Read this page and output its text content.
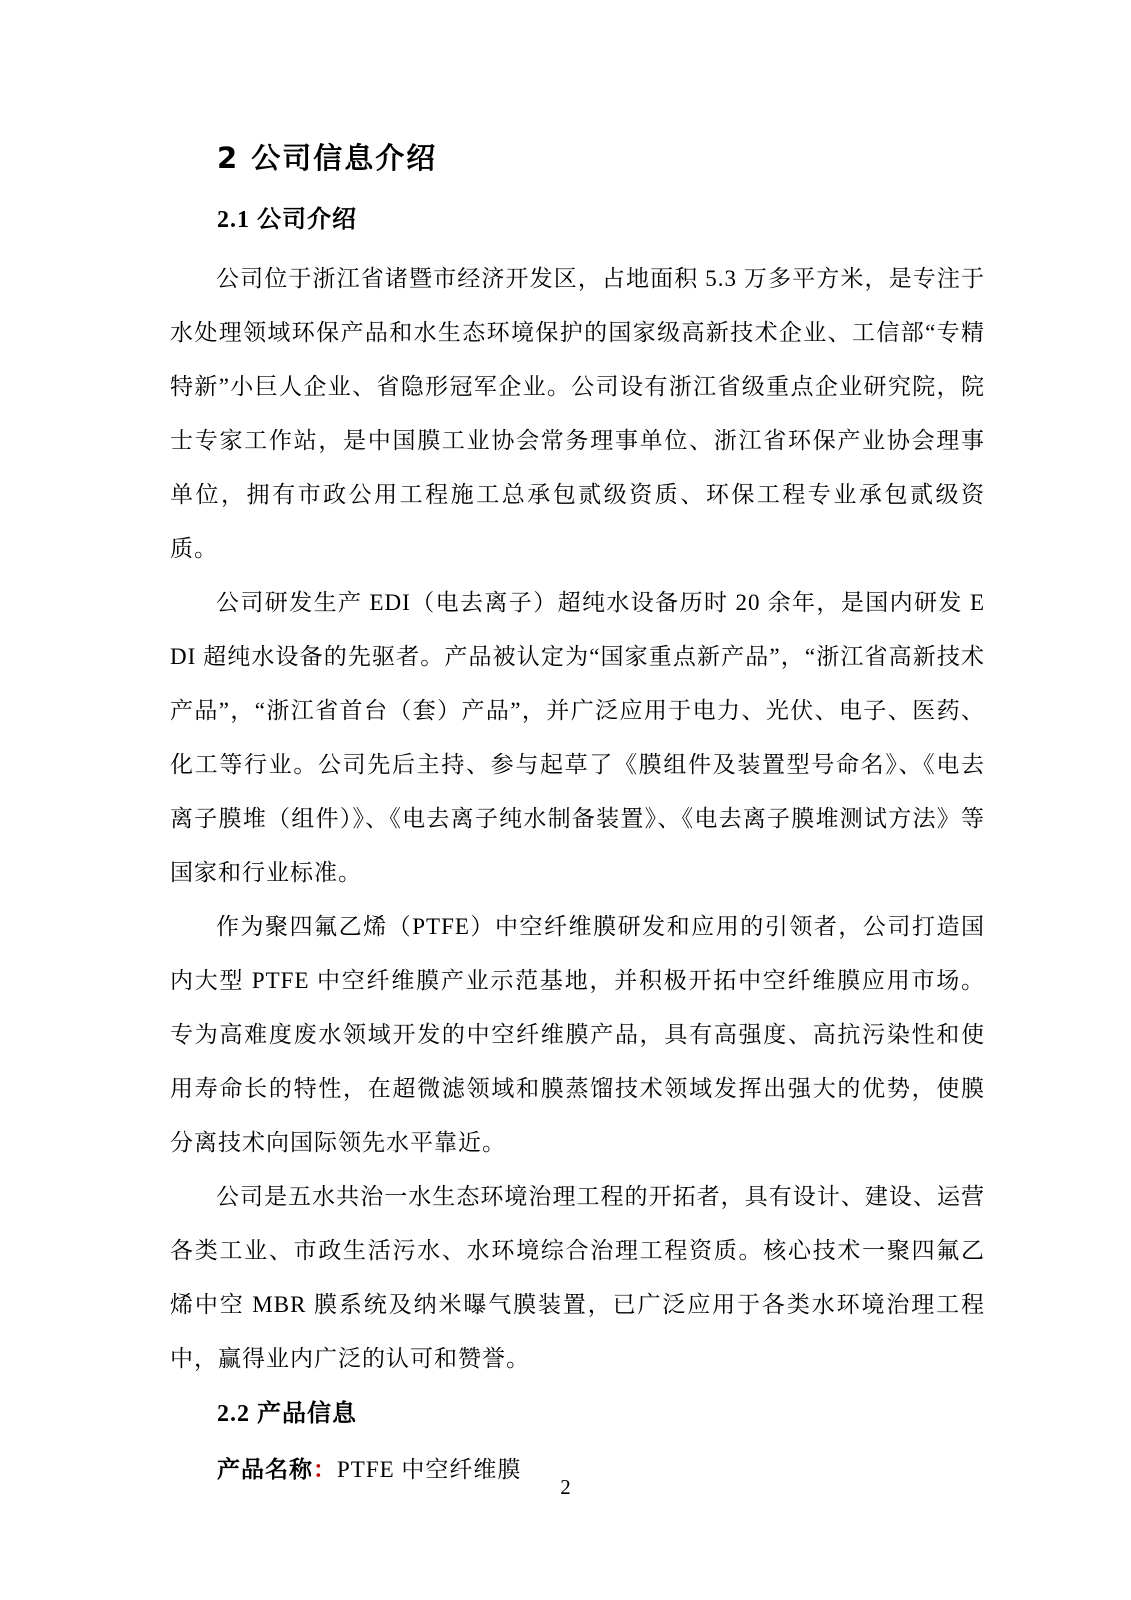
2 公司信息介绍
2.1 公司介绍

公司位于浙江省诸暨市经济开发区，占地面积 5.3 万多平方米，是专注于水处理领域环保产品和水生态环境保护的国家级高新技术企业、工信部“专精特新”小巨人企业、省隐形冠军企业。公司设有浙江省级重点企业研究院，院士专家工作站，是中国膜工业协会常务理事单位、浙江省环保产业协会理事单位，拥有市政公用工程施工总承包贰级资质、环保工程专业承包贰级资质。

公司研发生产 EDI（电去离子）超纯水设备历时 20 余年，是国内研发 EDI 超纯水设备的先驱者。产品被认定为“国家重点新产品”，“浙江省高新技术产品”，“浙江省首台（套）产品”，并广泛应用于电力、光伏、电子、医药、化工等行业。公司先后主持、参与起草了《膜组件及装置型号命名》、《电去离子膜堆（组件）》、《电去离子纯水制备装置》、《电去离子膜堆测试方法》等国家和行业标准。

作为聚四氟乙烯（PTFE）中空纤维膜研发和应用的引领者，公司打造国内大型 PTFE 中空纤维膜产业示范基地，并积极开拓中空纤维膜应用市场。专为高难度废水领域开发的中空纤维膜产品，具有高强度、高抗污染性和使用寿命长的特性，在超微滤领域和膜蒸馏技术领域发挥出强大的优势，使膜分离技术向国际领先水平靠近。

公司是五水共治一水生态环境治理工程的开拓者，具有设计、建设、运营各类工业、市政生活污水、水环境综合治理工程资质。核心技术一聚四氟乙烯中空 MBR 膜系统及纳米曝气膜装置，已广泛应用于各类水环境治理工程中，赢得业内广泛的认可和赞誉。

2.2 产品信息
产品名称：PTFE 中空纤维膜
2
